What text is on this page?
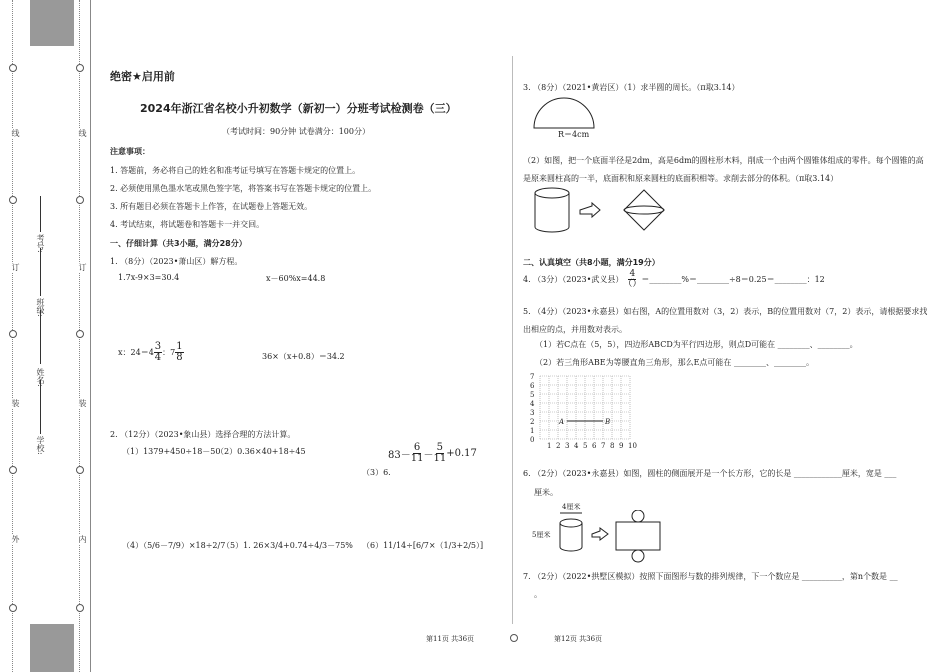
线
订
装
外
线
订
装
内
学校:
姓名:
班级:
考号:
绝密★启用前
2024年浙江省名校小升初数学（新初一）分班考试检测卷（三）
（考试时间：90分钟 试卷满分：100分）
注意事项：
1. 答题前，务必将自己的姓名和准考证号填写在答题卡规定的位置上。
2. 必须使用黑色墨水笔或黑色签字笔，将答案书写在答题卡规定的位置上。
3. 所有题目必须在答题卡上作答，在试题卷上答题无效。
4. 考试结束，将试题卷和答题卡一并交回。
一、仔细计算（共3小题，满分28分）
1. （8分）（2023•萧山区）解方程。
1.7x-9×3=30.4	x－60%x=44.8
x：$24=4 \frac{3}{4}$ ：$7 \frac{1}{8}$	36×（x+0.8）＝34.2
2. （12分）（2023•象山县）选择合理的方法计算。
（1）1379+450÷18－50
（2）0.36×40+18÷45	$83- \frac{6}{11} - \frac{5}{11} +0.17$
（3）6.
（4）（5/6－7/9）×18÷2/7
（5）1. 26×3/4+0.74÷4/3－75% （6）11/14÷[6/7×（1/3+2/5）]
3. （8分）（2021•黄岩区）（1）求半圆的周长。（π取3.14）
R＝4cm
（2）如图，把一个底面半径是2dm，高是6dm的圆柱形木料，削成一个由两个圆锥体组成的零件。每个圆锥的高是原来圆柱高的一半，底面积和原来圆柱的底面积相等。求削去部分的体积。（π取3.14）
二、认真填空（共8小题，满分19分）
4. （3分）（2023•武义县） $\frac{4}{()}$ ＝________%＝________÷8＝0.25＝________：12
5. （4分）（2023•永嘉县）如右图，A的位置用数对（3，2）表示，B的位置用数对（7，2）表示，请根据要求找出相应的点，并用数对表示。
（1）若C点在（5，5），四边形ABCD为平行四边形，则点D可能在 ________、________。
（2）若三角形ABE为等腰直角三角形，那么E点可能在 ________、________。
7
6
5
4
3
2
1
0
1 2 3 4 5 6 7 8 9 10
A	B
6. （2分）（2023•永嘉县）如图，圆柱的侧面展开是一个长方形，它的长是 ____________厘米，宽是 ___
厘米。
4厘米
5厘米
7. （2分）（2022•拱墅区模拟）按照下面图形与数的排列规律，下一个数应是 __________，第n个数是 __
。
第11页 共36页	第12页 共36页
